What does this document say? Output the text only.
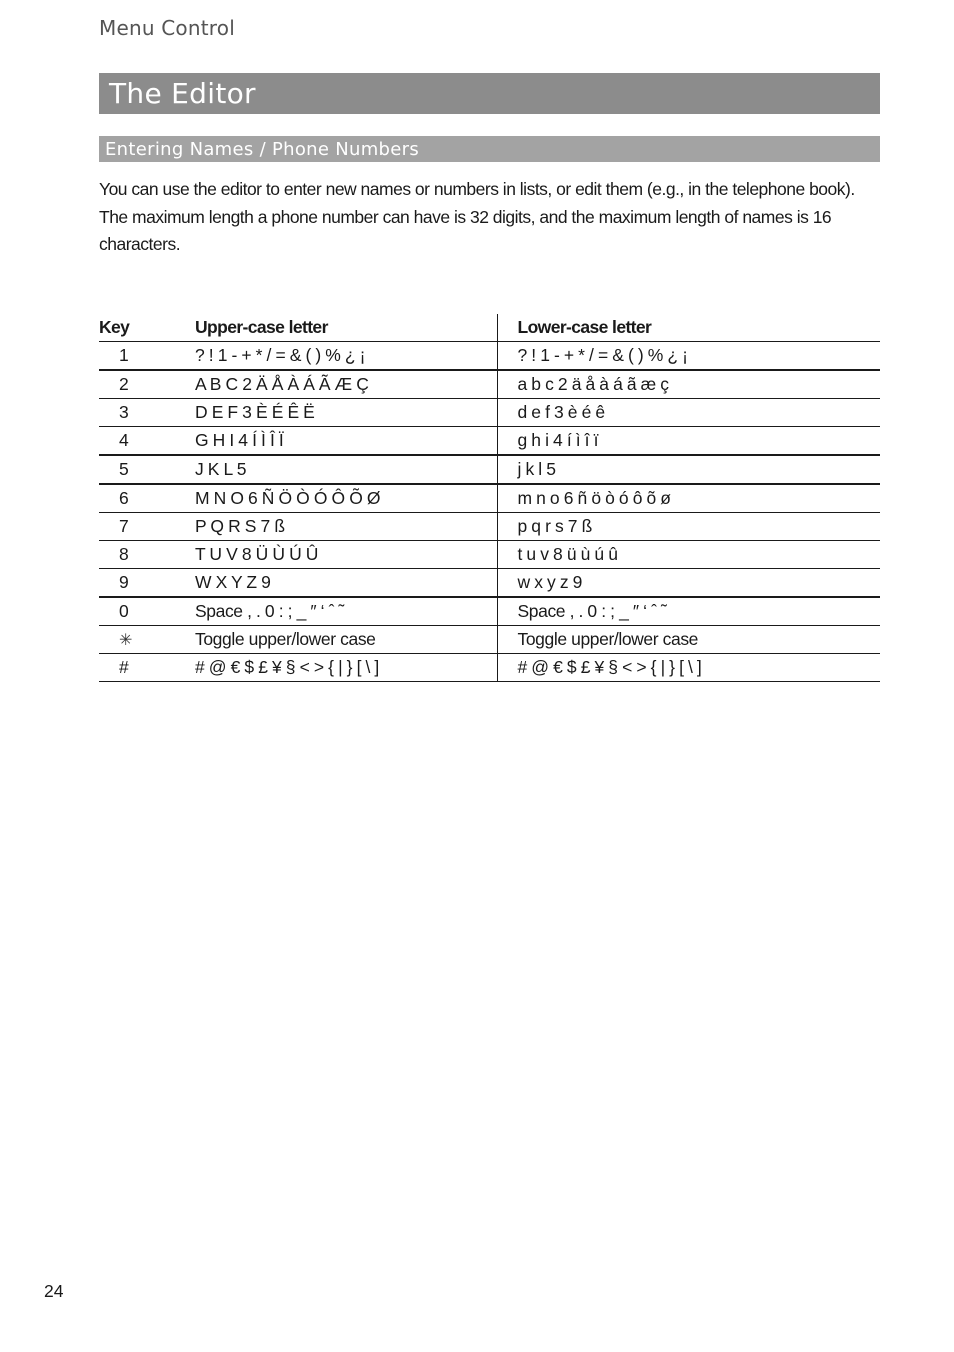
Menu Control
The Editor
Entering Names / Phone Numbers

You can use the editor to enter new names or numbers in lists, or edit them (e.g., in the telephone book).

The maximum length a phone number can have is 32 digits, and the maximum length of names is 16 characters.

Key	Upper-case letter	Lower-case letter
1	? ! 1 - + * / = & ( ) % ¿ ¡	? ! 1 - + * / = & ( ) % ¿ ¡
2	A B C 2 Ä Å À Á Ã Æ Ç	a b c 2 ä å à á ã æ ç
3	D E F 3 È É Ê Ë	d e f 3 è é ê
4	G H I 4 Í Ì Î Ï	g h i 4 í ì î ï
5	J K L 5	j k l 5
6	M N O 6 Ñ Ö Ò Ó Ô Õ Ø	m n o 6 ñ ö ò ó ô õ ø
7	P Q R S 7 ß	p q r s 7 ß
8	T U V 8 Ü Ù Ú Û	t u v 8 ü ù ú û
9	W X Y Z 9	w x y z 9
0	Space , . 0 : ; _ ″ ‘ ˆ ˜	Space , . 0 : ; _ ″ ‘ ˆ ˜
✳	Toggle upper/lower case	Toggle upper/lower case
#	# @ € $ £ ¥ § < > { | } [ \ ]	# @ € $ £ ¥ § < > { | } [ \ ]
24
